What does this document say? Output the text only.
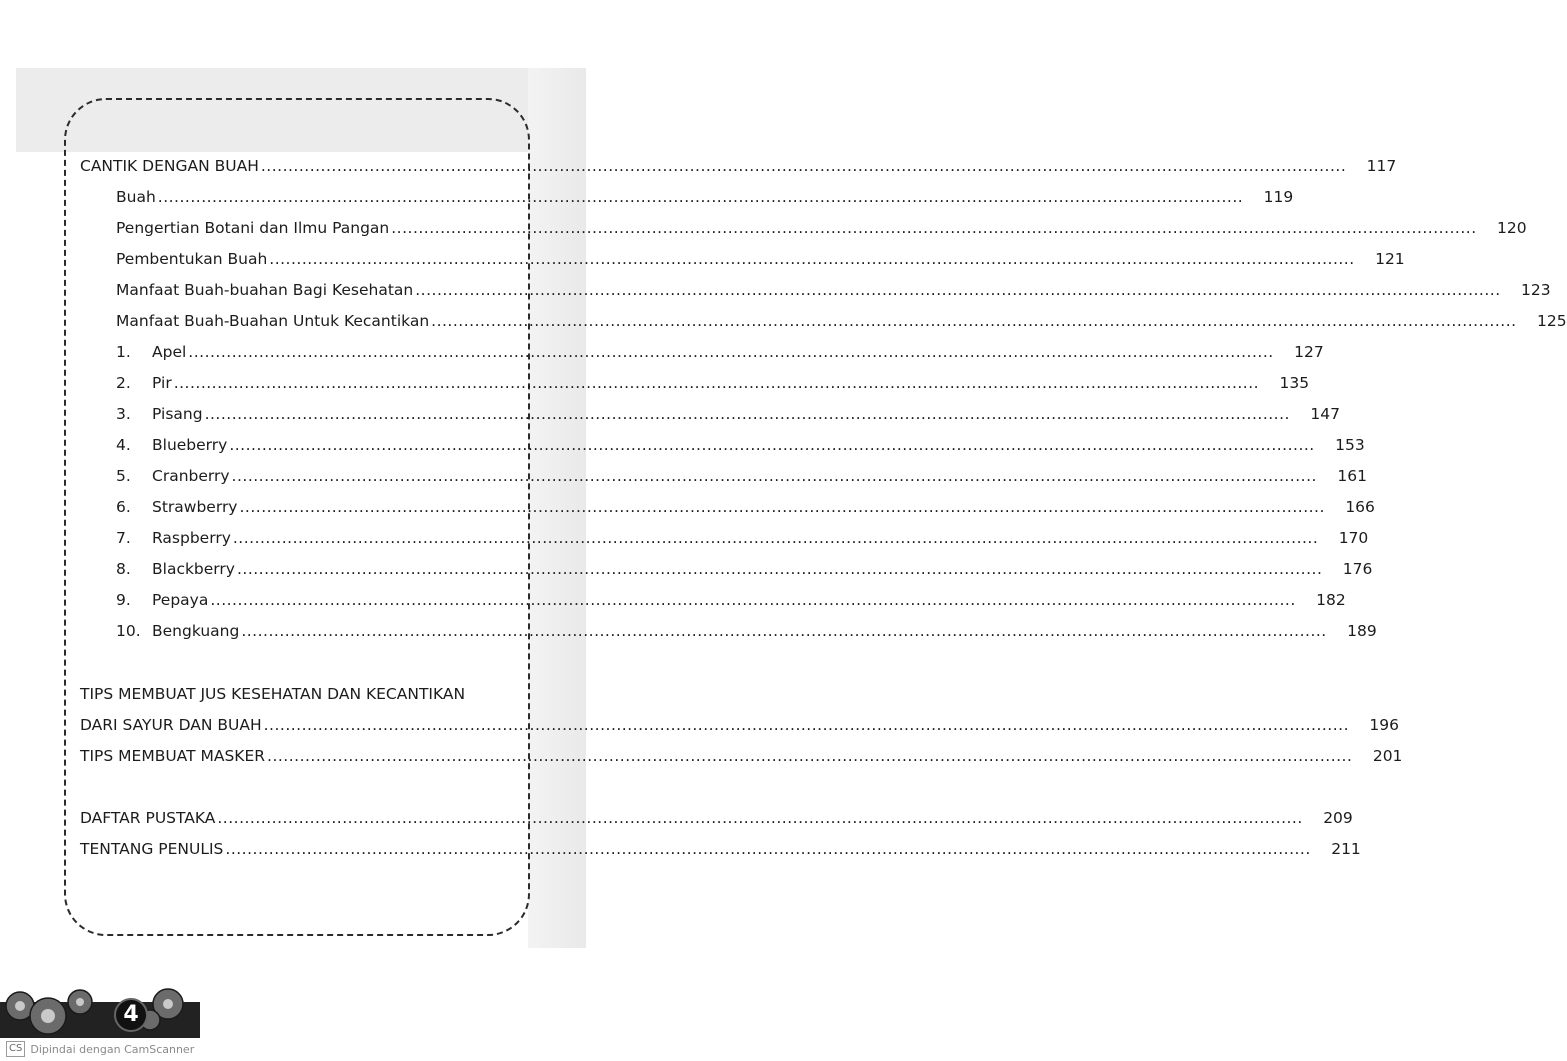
CANTIK DENGAN BUAH ........................................................................................................................................................................................................	117
Buah ........................................................................................................................................................................................................	119
Pengertian Botani dan Ilmu Pangan ........................................................................................................................................................................................................	120
Pembentukan Buah ........................................................................................................................................................................................................	121
Manfaat Buah-buahan Bagi Kesehatan ........................................................................................................................................................................................................	123
Manfaat Buah-Buahan Untuk Kecantikan ........................................................................................................................................................................................................	125
1.	Apel ........................................................................................................................................................................................................	127
2.	Pir ........................................................................................................................................................................................................	135
3.	Pisang ........................................................................................................................................................................................................	147
4.	Blueberry ........................................................................................................................................................................................................	153
5.	Cranberry ........................................................................................................................................................................................................	161
6.	Strawberry ........................................................................................................................................................................................................	166
7.	Raspberry ........................................................................................................................................................................................................	170
8.	Blackberry ........................................................................................................................................................................................................	176
9.	Pepaya ........................................................................................................................................................................................................	182
10. Bengkuang ........................................................................................................................................................................................................	189
TIPS MEMBUAT JUS KESEHATAN DAN KECANTIKAN
DARI SAYUR DAN BUAH ........................................................................................................................................................................................................	196
TIPS MEMBUAT MASKER ........................................................................................................................................................................................................	201
DAFTAR PUSTAKA ........................................................................................................................................................................................................	209
TENTANG PENULIS ........................................................................................................................................................................................................	211
4
CS Dipindai dengan CamScanner
